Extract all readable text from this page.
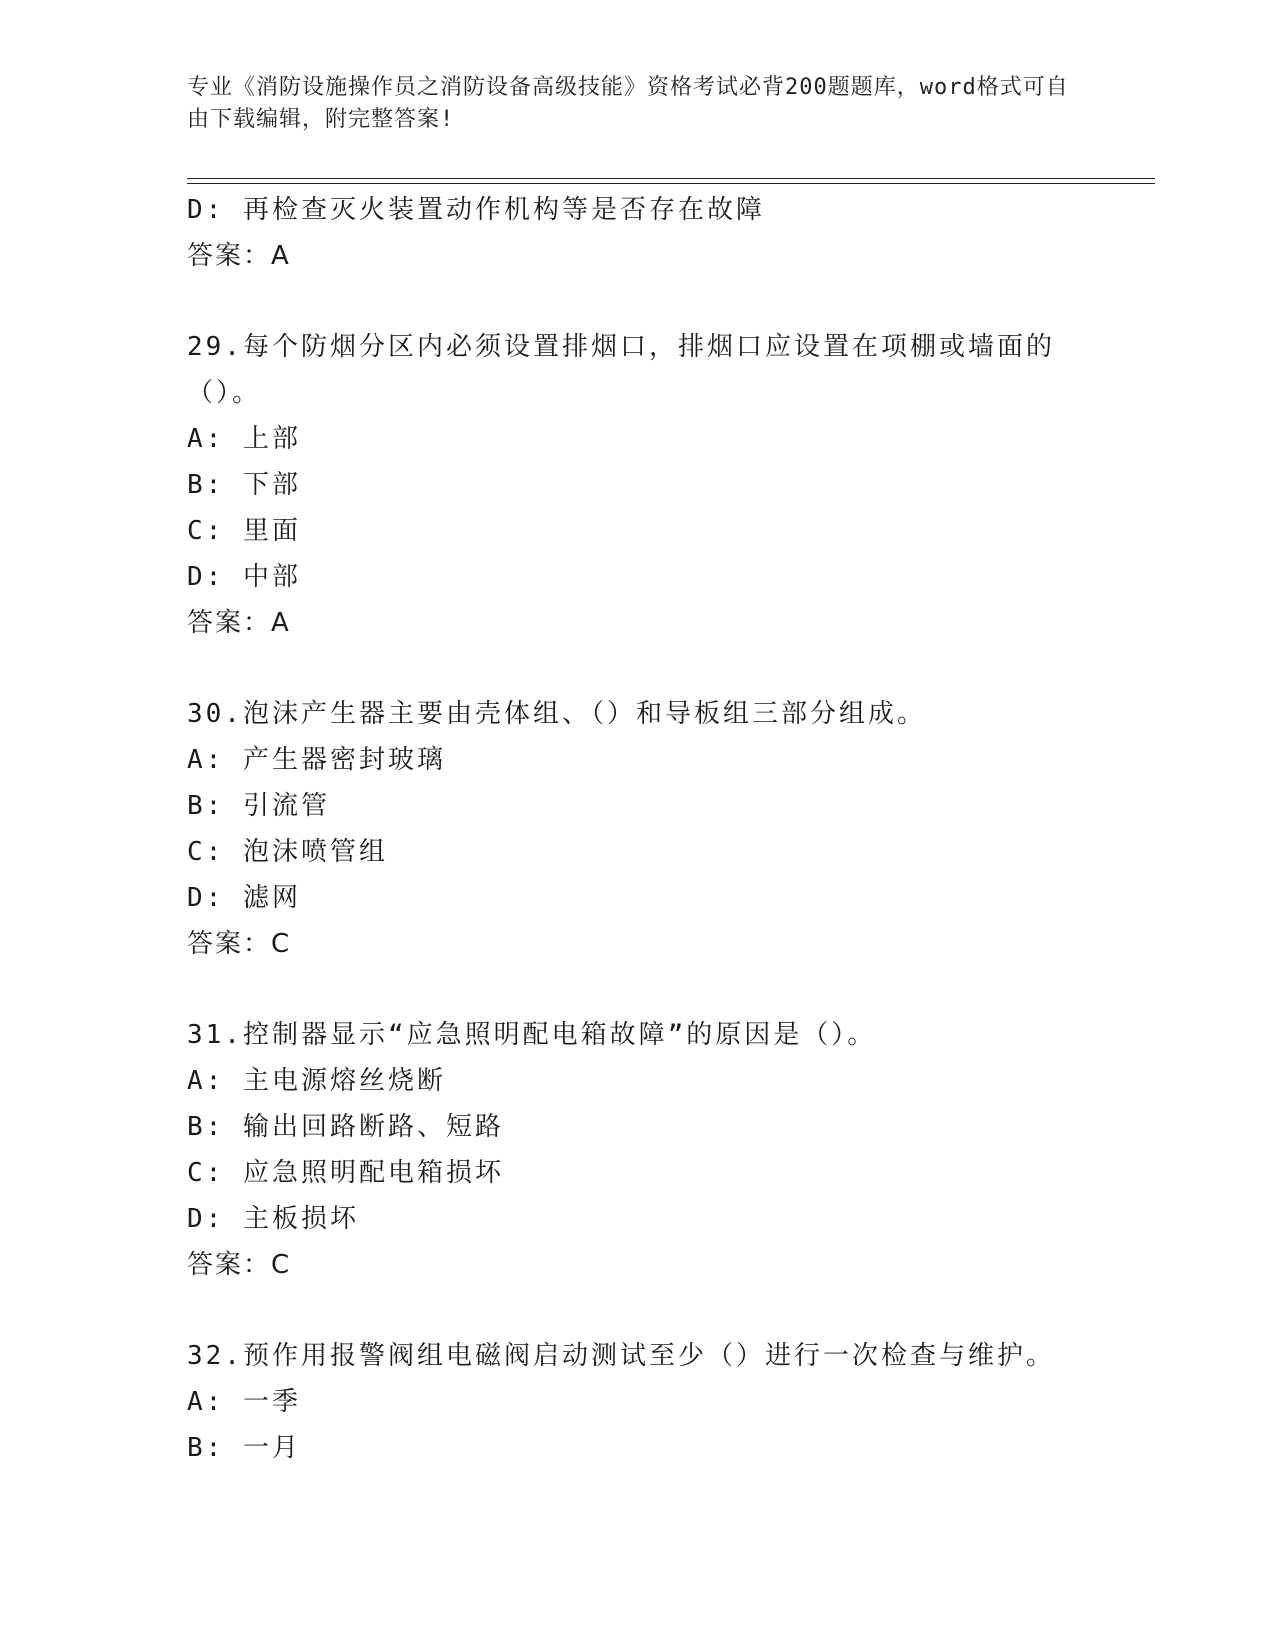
专业《消防设施操作员之消防设备高级技能》资格考试必背200题题库，word格式可自由下载编辑，附完整答案!
D: 再检查灭火装置动作机构等是否存在故障
答案：A
29.每个防烟分区内必须设置排烟口，排烟口应设置在项棚或墙面的（）。
A: 上部
B: 下部
C: 里面
D: 中部
答案：A
30.泡沫产生器主要由壳体组、（）和导板组三部分组成。
A: 产生器密封玻璃
B: 引流管
C: 泡沫喷管组
D: 滤网
答案：C
31.控制器显示“应急照明配电箱故障”的原因是（）。
A: 主电源熔丝烧断
B: 输出回路断路、短路
C: 应急照明配电箱损坏
D: 主板损坏
答案：C
32.预作用报警阀组电磁阀启动测试至少（）进行一次检查与维护。
A: 一季
B: 一月
